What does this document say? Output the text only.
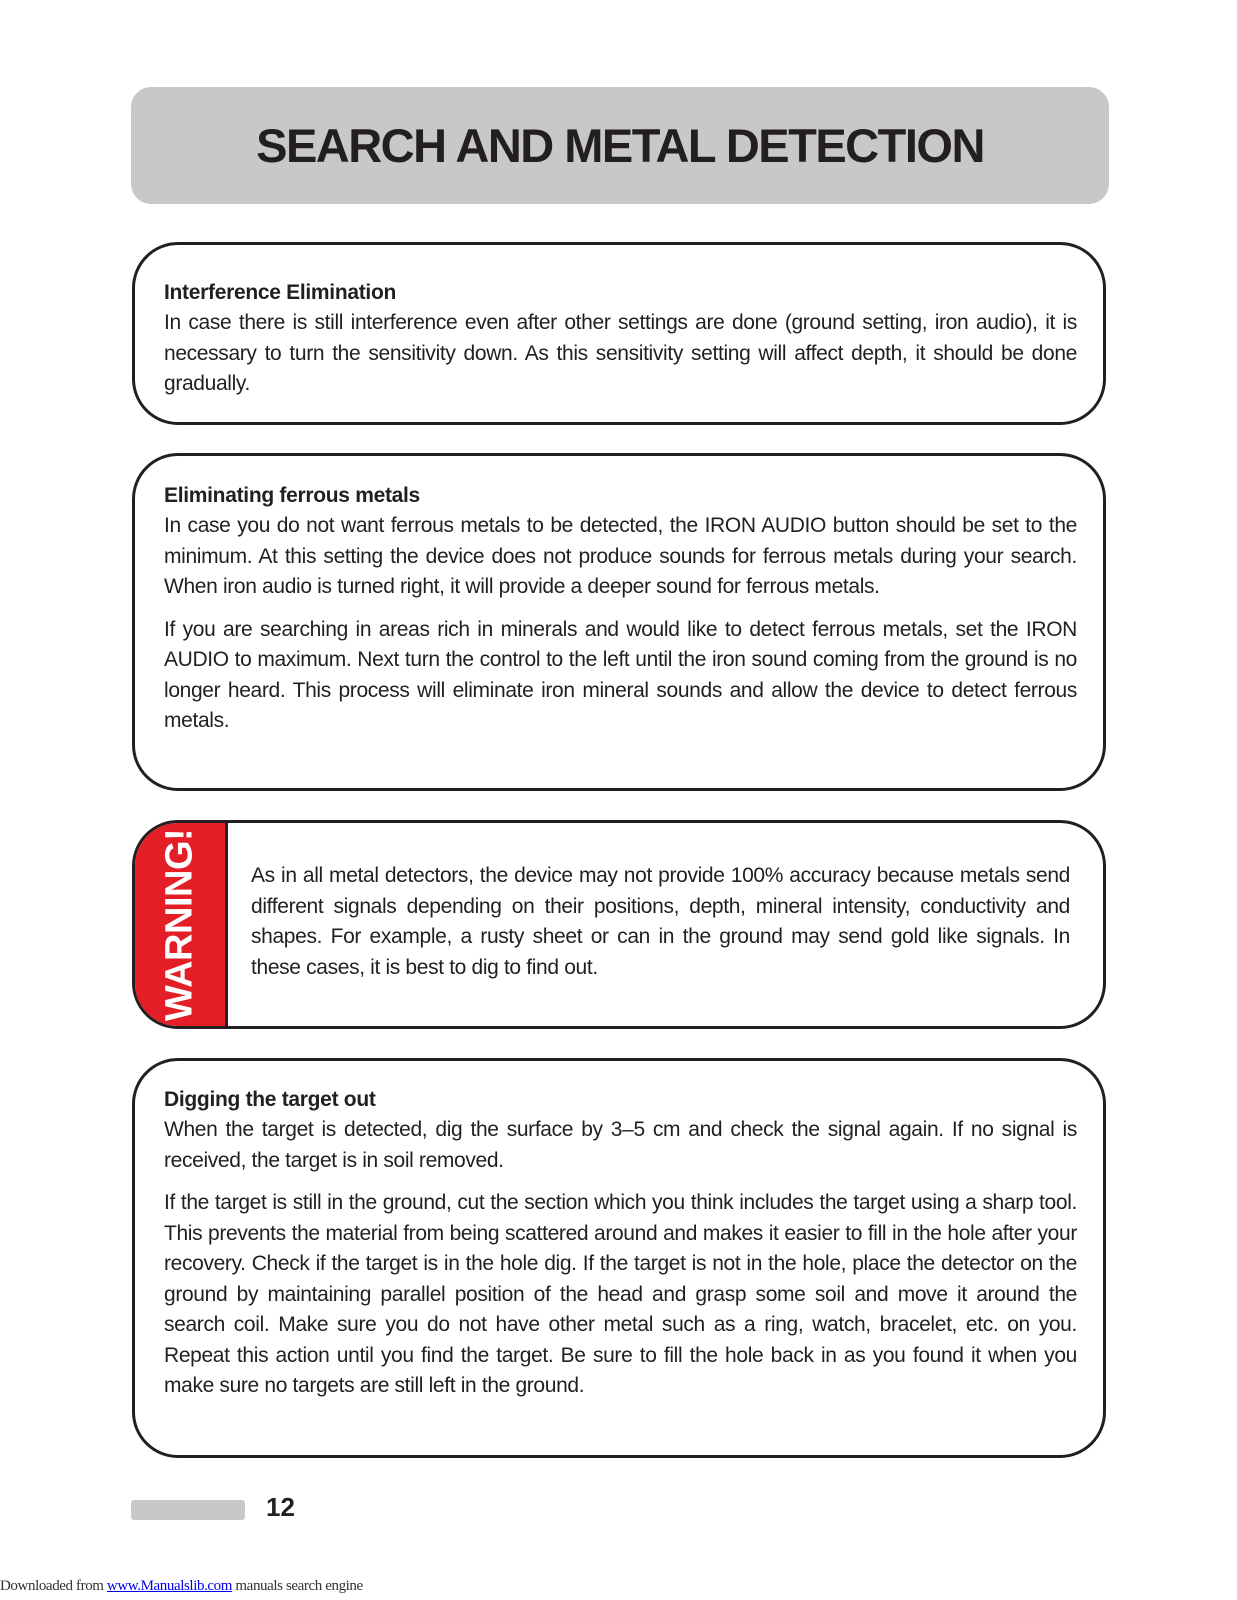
SEARCH AND METAL DETECTION
Interference Elimination

In case there is still interference even after other settings are done (ground setting, iron audio), it is necessary to turn the sensitivity down. As this sensitivity setting will affect depth, it should be done gradually.

Eliminating ferrous metals

In case you do not want ferrous metals to be detected, the IRON AUDIO button should be set to the minimum. At this setting the device does not produce sounds for ferrous metals during your search. When iron audio is turned right, it will provide a deeper sound for ferrous metals.

If you are searching in areas rich in minerals and would like to detect ferrous metals, set the IRON AUDIO to maximum. Next turn the control to the left until the iron sound coming from the ground is no longer heard. This process will eliminate iron mineral sounds and allow the device to detect ferrous metals.

WARNING! As in all metal detectors, the device may not provide 100% accuracy because metals send different signals depending on their positions, depth, mineral intensity, conductivity and shapes. For example, a rusty sheet or can in the ground may send gold like signals. In these cases, it is best to dig to find out.

Digging the target out

When the target is detected, dig the surface by 3–5 cm and check the signal again. If no signal is received, the target is in soil removed.

If the target is still in the ground, cut the section which you think includes the target using a sharp tool. This prevents the material from being scattered around and makes it easier to fill in the hole after your recovery. Check if the target is in the hole dig. If the target is not in the hole, place the detector on the ground by maintaining parallel position of the head and grasp some soil and move it around the search coil. Make sure you do not have other metal such as a ring, watch, bracelet, etc. on you. Repeat this action until you find the target. Be sure to fill the hole back in as you found it when you make sure no targets are still left in the ground.

12
Downloaded from www.Manualslib.com manuals search engine
